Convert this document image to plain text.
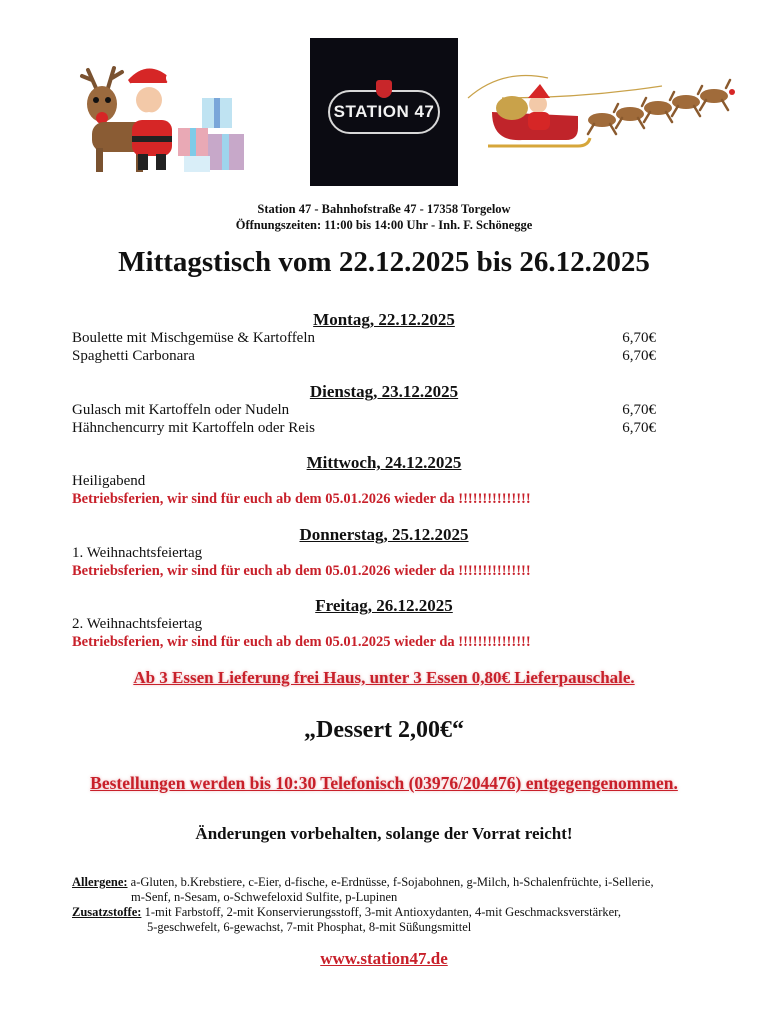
STATION 47
Station 47 - Bahnhofstraße 47 - 17358 Torgelow
Öffnungszeiten: 11:00 bis 14:00 Uhr - Inh. F. Schönegge
Mittagstisch vom 22.12.2025 bis 26.12.2025
Montag, 22.12.2025
Boulette mit Mischgemüse & Kartoffeln	6,70€
Spaghetti Carbonara	6,70€
Dienstag, 23.12.2025
Gulasch mit Kartoffeln oder Nudeln	6,70€
Hähnchencurry mit Kartoffeln oder Reis	6,70€
Mittwoch, 24.12.2025
Heiligabend
Betriebsferien, wir sind für euch ab dem 05.01.2026 wieder da !!!!!!!!!!!!!!!
Donnerstag, 25.12.2025
1. Weihnachtsfeiertag
Betriebsferien, wir sind für euch ab dem 05.01.2026 wieder da !!!!!!!!!!!!!!!
Freitag, 26.12.2025
2. Weihnachtsfeiertag
Betriebsferien, wir sind für euch ab dem 05.01.2025 wieder da !!!!!!!!!!!!!!!
Ab 3 Essen Lieferung frei Haus, unter 3 Essen 0,80€ Lieferpauschale.
„Dessert 2,00€“
Bestellungen werden bis 10:30 Telefonisch (03976/204476) entgegengenommen.
Änderungen vorbehalten, solange der Vorrat reicht!
Allergene: a-Gluten, b.Krebstiere, c-Eier, d-fische, e-Erdnüsse, f-Sojabohnen, g-Milch, h-Schalenfrüchte, i-Sellerie,
m-Senf, n-Sesam, o-Schwefeloxid Sulfite, p-Lupinen
Zusatzstoffe: 1-mit Farbstoff, 2-mit Konservierungsstoff, 3-mit Antioxydanten, 4-mit Geschmacksverstärker,
5-geschwefelt, 6-gewachst, 7-mit Phosphat, 8-mit Süßungsmittel
www.station47.de
